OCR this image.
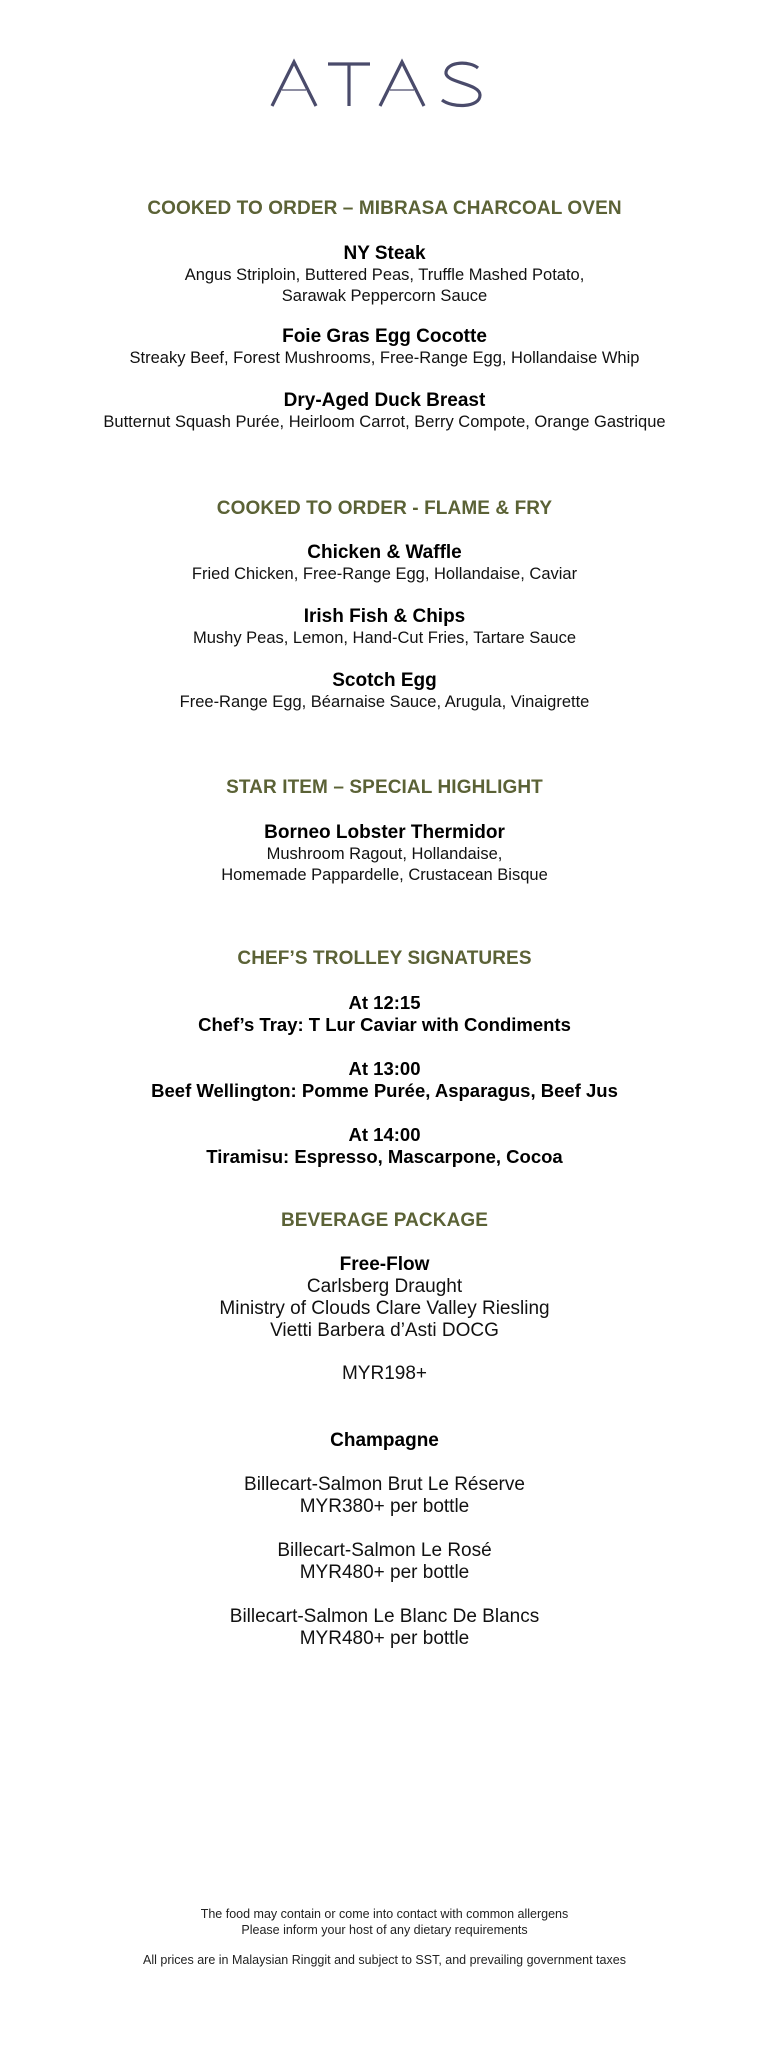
COOKED TO ORDER – MIBRASA CHARCOAL OVEN
NY Steak
Angus Striploin, Buttered Peas, Truffle Mashed Potato,
Sarawak Peppercorn Sauce
Foie Gras Egg Cocotte
Streaky Beef, Forest Mushrooms, Free-Range Egg, Hollandaise Whip
Dry-Aged Duck Breast
Butternut Squash Purée, Heirloom Carrot, Berry Compote, Orange Gastrique
COOKED TO ORDER - FLAME & FRY
Chicken & Waffle
Fried Chicken, Free-Range Egg, Hollandaise, Caviar
Irish Fish & Chips
Mushy Peas, Lemon, Hand-Cut Fries, Tartare Sauce
Scotch Egg
Free-Range Egg, Béarnaise Sauce, Arugula, Vinaigrette
STAR ITEM – SPECIAL HIGHLIGHT
Borneo Lobster Thermidor
Mushroom Ragout, Hollandaise,
Homemade Pappardelle, Crustacean Bisque
CHEF’S TROLLEY SIGNATURES
At 12:15
Chef’s Tray: T Lur Caviar with Condiments
At 13:00
Beef Wellington: Pomme Purée, Asparagus, Beef Jus
At 14:00
Tiramisu: Espresso, Mascarpone, Cocoa
BEVERAGE PACKAGE
Free-Flow
Carlsberg Draught
Ministry of Clouds Clare Valley Riesling
Vietti Barbera d’Asti DOCG
MYR198+
Champagne
Billecart-Salmon Brut Le Réserve
MYR380+ per bottle
Billecart-Salmon Le Rosé
MYR480+ per bottle
Billecart-Salmon Le Blanc De Blancs
MYR480+ per bottle
The food may contain or come into contact with common allergens
Please inform your host of any dietary requirements
All prices are in Malaysian Ringgit and subject to SST, and prevailing government taxes
